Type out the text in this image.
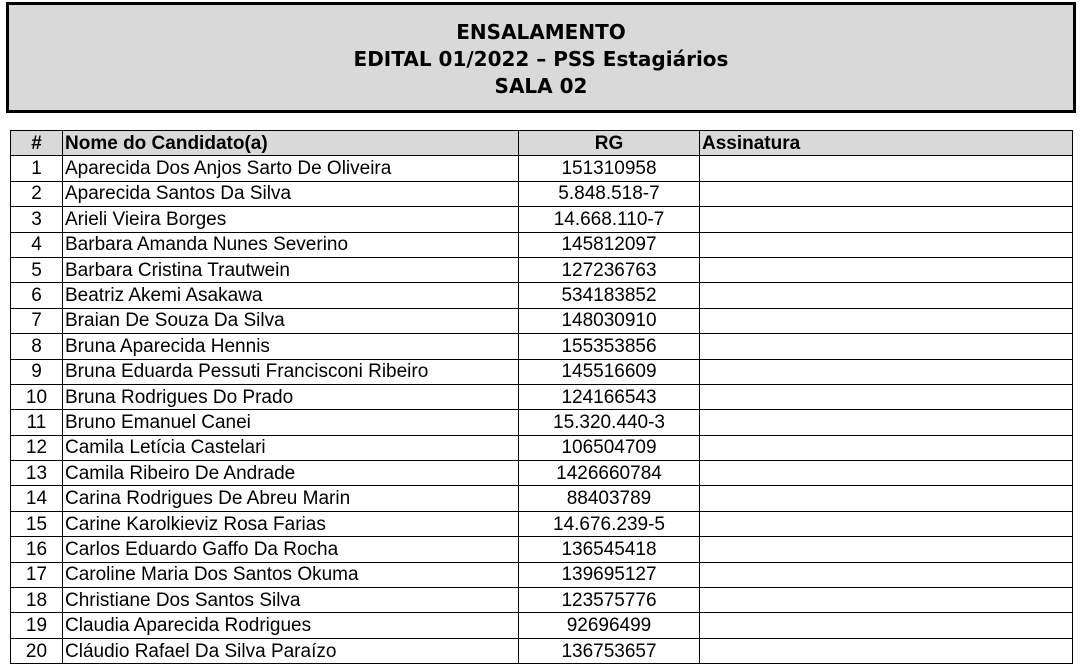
ENSALAMENTO
EDITAL 01/2022 – PSS Estagiários
SALA 02
#	Nome do Candidato(a)	RG	Assinatura
1	Aparecida Dos Anjos Sarto De Oliveira	151310958	
2	Aparecida Santos Da Silva	5.848.518-7	
3	Arieli Vieira Borges	14.668.110-7	
4	Barbara Amanda Nunes Severino	145812097	
5	Barbara Cristina Trautwein	127236763	
6	Beatriz Akemi Asakawa	534183852	
7	Braian De Souza Da Silva	148030910	
8	Bruna Aparecida Hennis	155353856	
9	Bruna Eduarda Pessuti Francisconi Ribeiro	145516609	
10	Bruna Rodrigues Do Prado	124166543	
11	Bruno Emanuel Canei	15.320.440-3	
12	Camila Letícia Castelari	106504709	
13	Camila Ribeiro De Andrade	1426660784	
14	Carina Rodrigues De Abreu Marin	88403789	
15	Carine Karolkieviz Rosa Farias	14.676.239-5	
16	Carlos Eduardo Gaffo Da Rocha	136545418	
17	Caroline Maria Dos Santos Okuma	139695127	
18	Christiane Dos Santos Silva	123575776	
19	Claudia Aparecida Rodrigues	92696499	
20	Cláudio Rafael Da Silva Paraízo	136753657	
